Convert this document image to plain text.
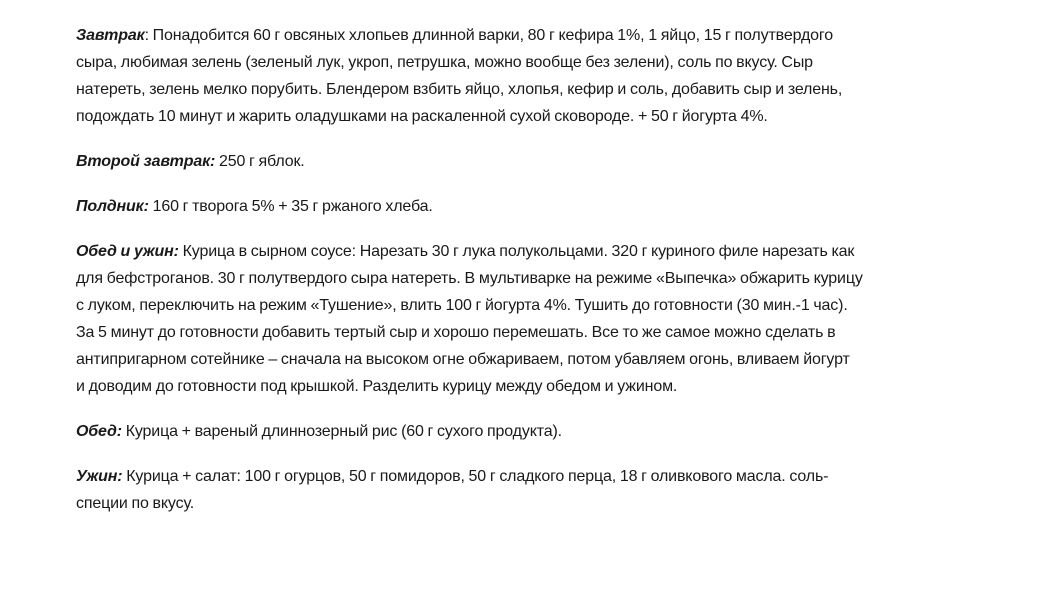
Завтрак: Понадобится 60 г овсяных хлопьев длинной варки, 80 г кефира 1%, 1 яйцо, 15 г полутвердого
сыра, любимая зелень (зеленый лук, укроп, петрушка, можно вообще без зелени), соль по вкусу. Сыр
натереть, зелень мелко порубить. Блендером взбить яйцо, хлопья, кефир и соль, добавить сыр и зелень,
подождать 10 минут и жарить оладушками на раскаленной сухой сковороде. + 50 г йогурта 4%.

Второй завтрак: 250 г яблок.

Полдник: 160 г творога 5% + 35 г ржаного хлеба.

Обед и ужин: Курица в сырном соусе: Нарезать 30 г лука полукольцами. 320 г куриного филе нарезать как
для бефстроганов. 30 г полутвердого сыра натереть. В мультиварке на режиме «Выпечка» обжарить курицу
с луком, переключить на режим «Тушение», влить 100 г йогурта 4%. Тушить до готовности (30 мин.-1 час).
За 5 минут до готовности добавить тертый сыр и хорошо перемешать. Все то же самое можно сделать в
антипригарном сотейнике – сначала на высоком огне обжариваем, потом убавляем огонь, вливаем йогурт
и доводим до готовности под крышкой. Разделить курицу между обедом и ужином.

Обед: Курица + вареный длиннозерный рис (60 г сухого продукта).

Ужин: Курица + салат: 100 г огурцов, 50 г помидоров, 50 г сладкого перца, 18 г оливкового масла. соль-
специи по вкусу.
